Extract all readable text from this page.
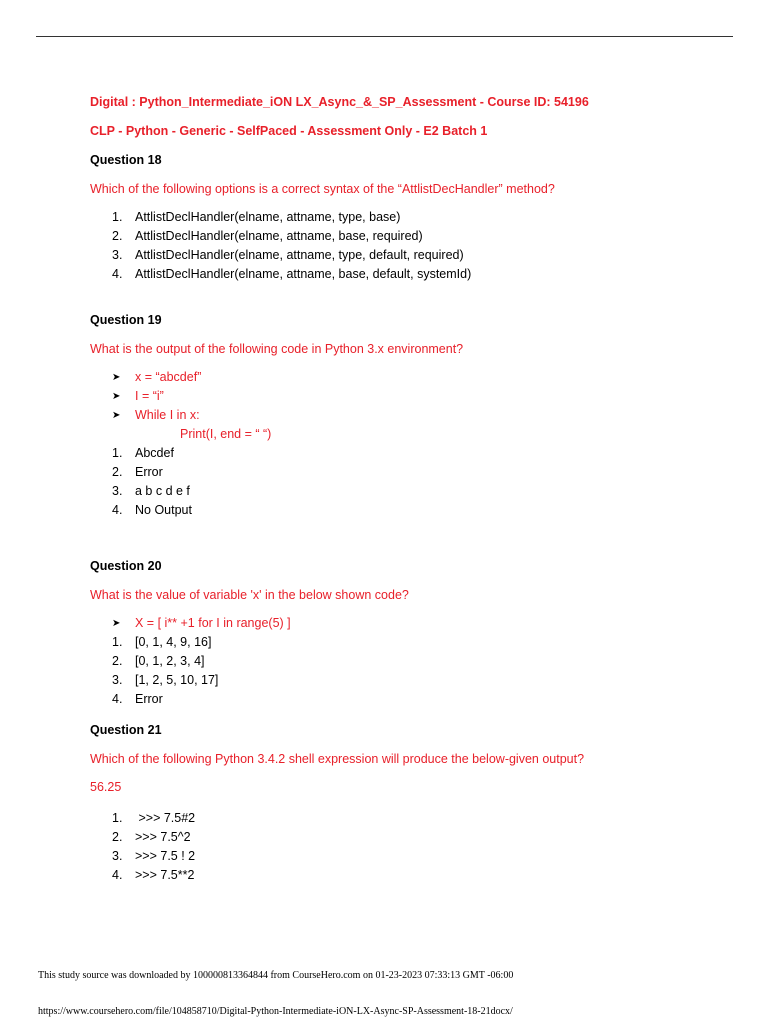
Digital : Python_Intermediate_iON LX_Async_&_SP_Assessment - Course ID: 54196
CLP - Python - Generic - SelfPaced - Assessment Only - E2 Batch 1
Question 18
Which of the following options is a correct syntax of the “AttlistDecHandler” method?
1. AttlistDeclHandler(elname, attname, type, base)
2. AttlistDeclHandler(elname, attname, base, required)
3. AttlistDeclHandler(elname, attname, type, default, required)
4. AttlistDeclHandler(elname, attname, base, default, systemId)
Question 19
What is the output of the following code in Python 3.x environment?
➤ x = “abcdef”
➤ I = “i”
➤ While I in x:
Print(I, end = “ “)
1. Abcdef
2. Error
3. a b c d e f
4. No Output
Question 20
What is the value of variable 'x' in the below shown code?
➤ X = [ i** +1 for I in range(5) ]
1. [0, 1, 4, 9, 16]
2. [0, 1, 2, 3, 4]
3. [1, 2, 5, 10, 17]
4. Error
Question 21
Which of the following Python 3.4.2 shell expression will produce the below-given output?
56.25
1. >>> 7.5#2
2. >>> 7.5^2
3. >>> 7.5 ! 2
4. >>> 7.5**2
This study source was downloaded by 100000813364844 from CourseHero.com on 01-23-2023 07:33:13 GMT -06:00
https://www.coursehero.com/file/104858710/Digital-Python-Intermediate-iON-LX-Async-SP-Assessment-18-21docx/
